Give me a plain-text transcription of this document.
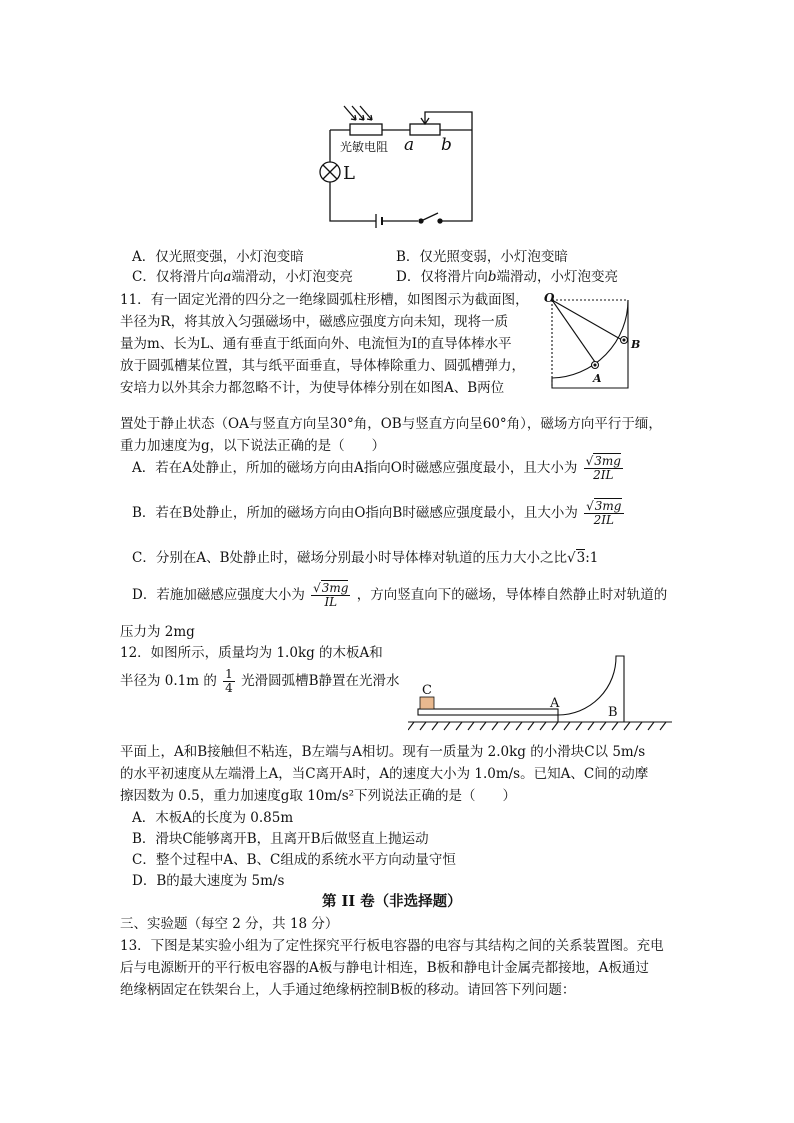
光敏电阻 a b
L
A．仅光照变强，小灯泡变暗	B．仅光照变弱，小灯泡变暗
C．仅将滑片向a端滑动，小灯泡变亮	D．仅将滑片向b端滑动，小灯泡变亮
11．有一固定光滑的四分之一绝缘圆弧柱形槽，如图图示为截面图，
半径为R，将其放入匀强磁场中，磁感应强度方向未知，现将一质
量为m、长为L、通有垂直于纸面向外、电流恒为I的直导体棒水平
放于圆弧槽某位置，其与纸平面垂直，导体棒除重力、圆弧槽弹力，
安培力以外其余力都忽略不计，为使导体棒分别在如图A、B两位
O
A
B
置处于静止状态（OA与竖直方向呈30°角，OB与竖直方向呈60°角），磁场方向平行于缅，
重力加速度为g，以下说法正确的是（　　）
A．若在A处静止，所加的磁场方向由A指向O时磁感应强度最小，且大小为 $\frac{√3mg}{2IL}$
B．若在B处静止，所加的磁场方向由O指向B时磁感应强度最小，且大小为 $\frac{√3mg}{2IL}$
C．分别在A、B处静止时，磁场分别最小时导体棒对轨道的压力大小之比√3:1
D．若施加磁感应强度大小为 $\frac{√3mg}{IL}$ ，方向竖直向下的磁场，导体棒自然静止时对轨道的
压力为 2mg
12．如图所示，质量均为 1.0kg 的木板A和
半径为 0.1m 的 $\frac{1}{4}$ 光滑圆弧槽B静置在光滑水
C
A
B
平面上，A和B接触但不粘连，B左端与A相切。现有一质量为 2.0kg 的小滑块C以 5m/s
的水平初速度从左端滑上A，当C离开A时，A的速度大小为 1.0m/s。已知A、C间的动摩
擦因数为 0.5，重力加速度g取 10m/s²下列说法正确的是（　　）
A．木板A的长度为 0.85m
B．滑块C能够离开B，且离开B后做竖直上抛运动
C．整个过程中A、B、C组成的系统水平方向动量守恒
D．B的最大速度为 5m/s
第 II 卷（非选择题）
三、实验题（每空 2 分，共 18 分）
13．下图是某实验小组为了定性探究平行板电容器的电容与其结构之间的关系装置图。充电
后与电源断开的平行板电容器的A板与静电计相连，B板和静电计金属壳都接地，A板通过
绝缘柄固定在铁架台上，人手通过绝缘柄控制B板的移动。请回答下列问题：
